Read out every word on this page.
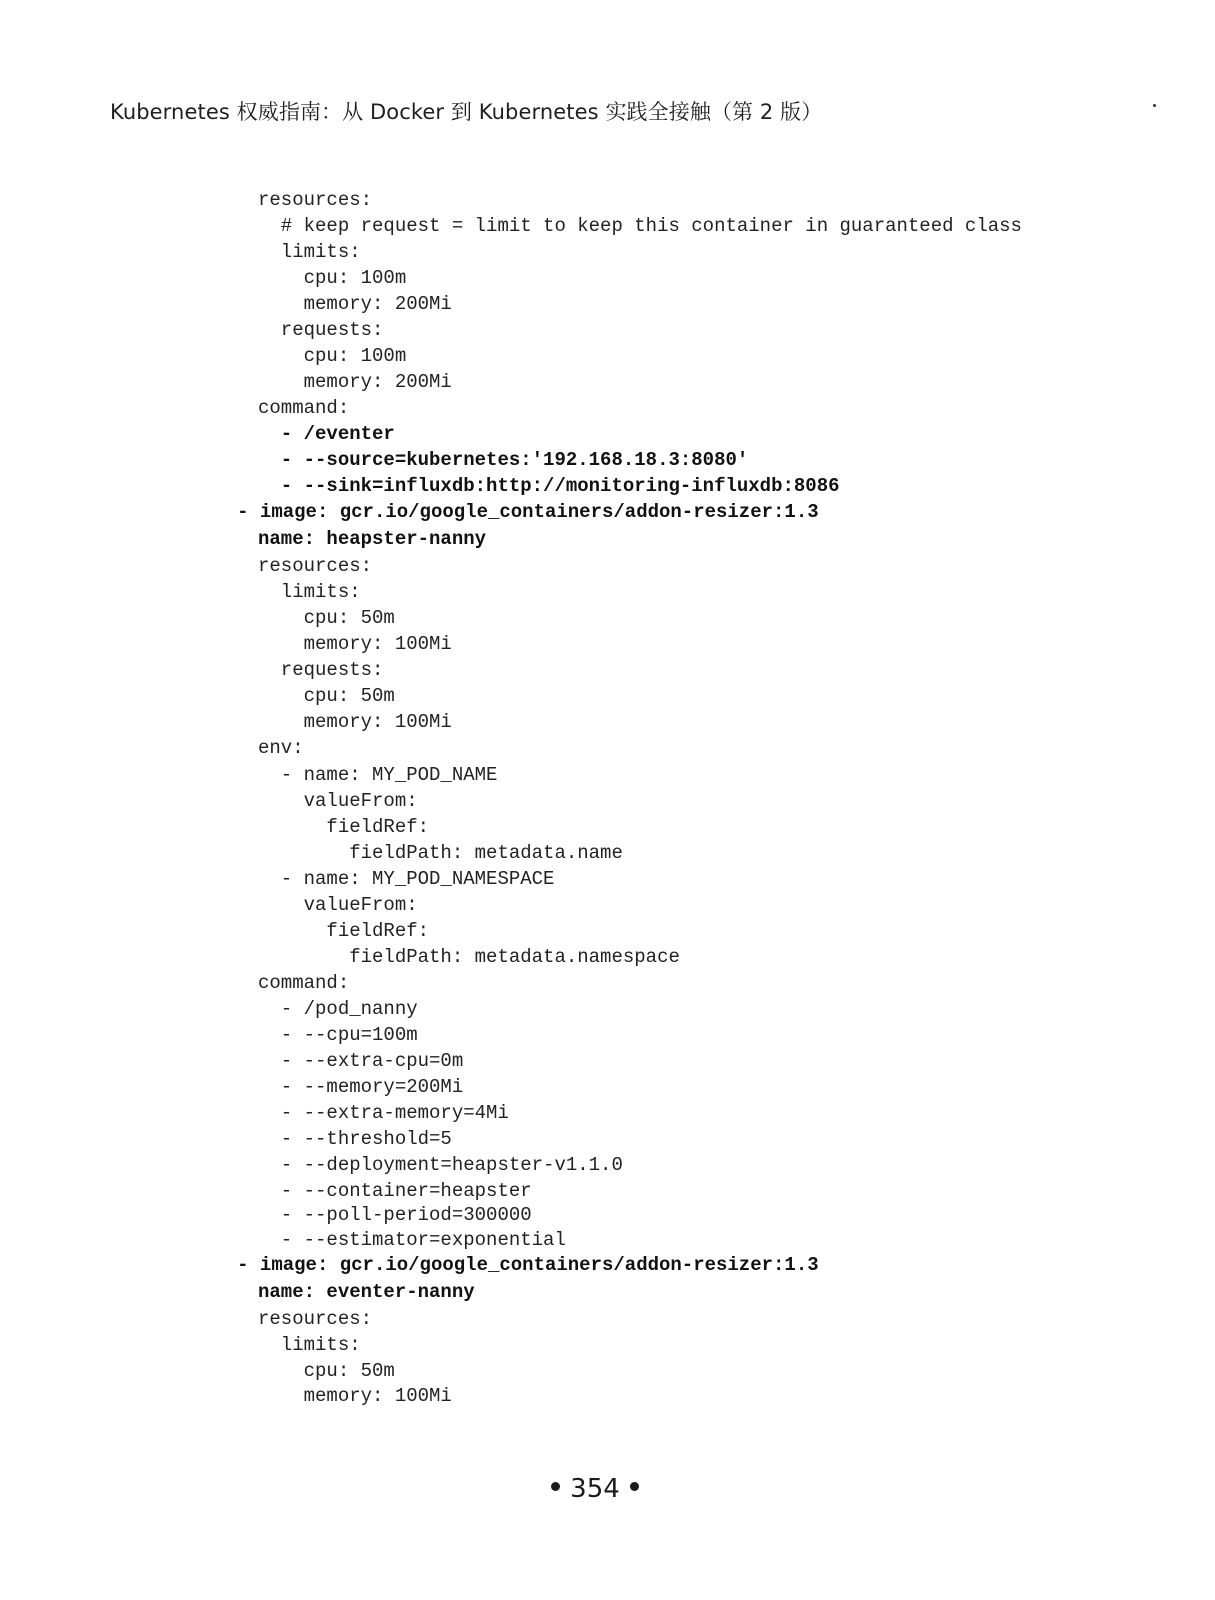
Kubernetes 权威指南：从 Docker 到 Kubernetes 实践全接触（第 2 版）
resources:
# keep request = limit to keep this container in guaranteed class
limits:
cpu: 100m
memory: 200Mi
requests:
cpu: 100m
memory: 200Mi
command:
- /eventer
- --source=kubernetes:'192.168.18.3:8080'
- --sink=influxdb:http://monitoring-influxdb:8086
- image: gcr.io/google_containers/addon-resizer:1.3
name: heapster-nanny
resources:
limits:
cpu: 50m
memory: 100Mi
requests:
cpu: 50m
memory: 100Mi
env:
- name: MY_POD_NAME
valueFrom:
fieldRef:
fieldPath: metadata.name
- name: MY_POD_NAMESPACE
valueFrom:
fieldRef:
fieldPath: metadata.namespace
command:
- /pod_nanny
- --cpu=100m
- --extra-cpu=0m
- --memory=200Mi
- --extra-memory=4Mi
- --threshold=5
- --deployment=heapster-v1.1.0
- --container=heapster
- --poll-period=300000
- --estimator=exponential
- image: gcr.io/google_containers/addon-resizer:1.3
name: eventer-nanny
resources:
limits:
cpu: 50m
memory: 100Mi
354
